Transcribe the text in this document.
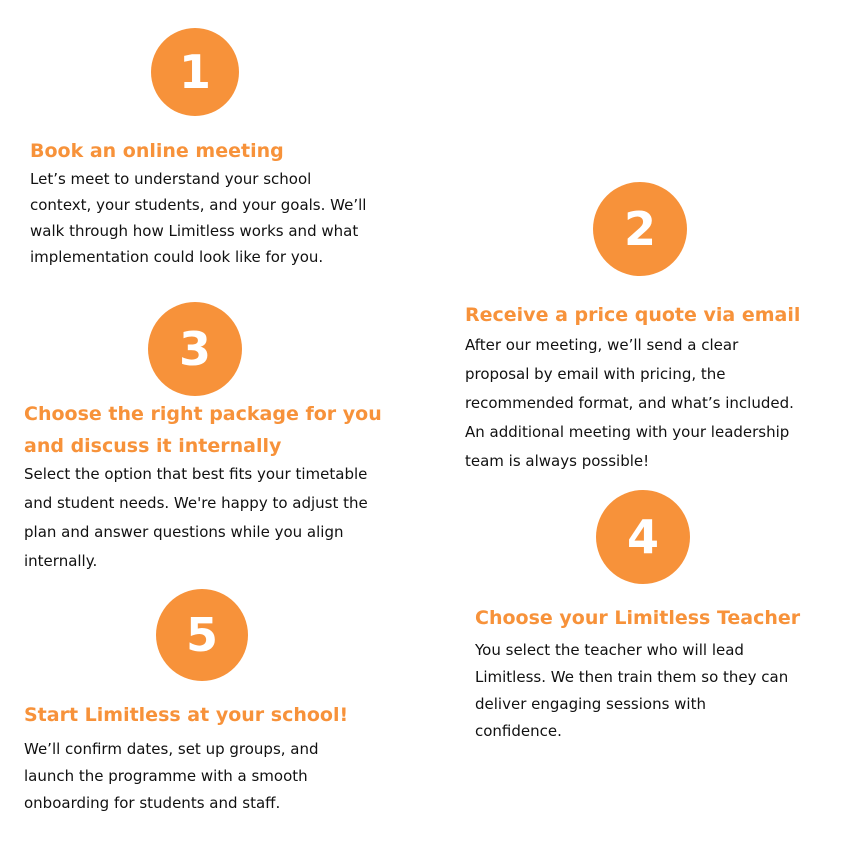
1
Book an online meeting

Let’s meet to understand your school
context, your students, and your goals. We’ll
walk through how Limitless works and what
implementation could look like for you.

2
Receive a price quote via email

After our meeting, we’ll send a clear
proposal by email with pricing, the
recommended format, and what’s included.
An additional meeting with your leadership
team is always possible!

3
Choose the right package for you
and discuss it internally

Select the option that best fits your timetable
and student needs. We're happy to adjust the
plan and answer questions while you align
internally.	4
Choose your Limitless Teacher

You select the teacher who will lead
Limitless. We then train them so they can
deliver engaging sessions with
confidence.

5
Start Limitless at your school!

We’ll confirm dates, set up groups, and
launch the programme with a smooth
onboarding for students and staff.
